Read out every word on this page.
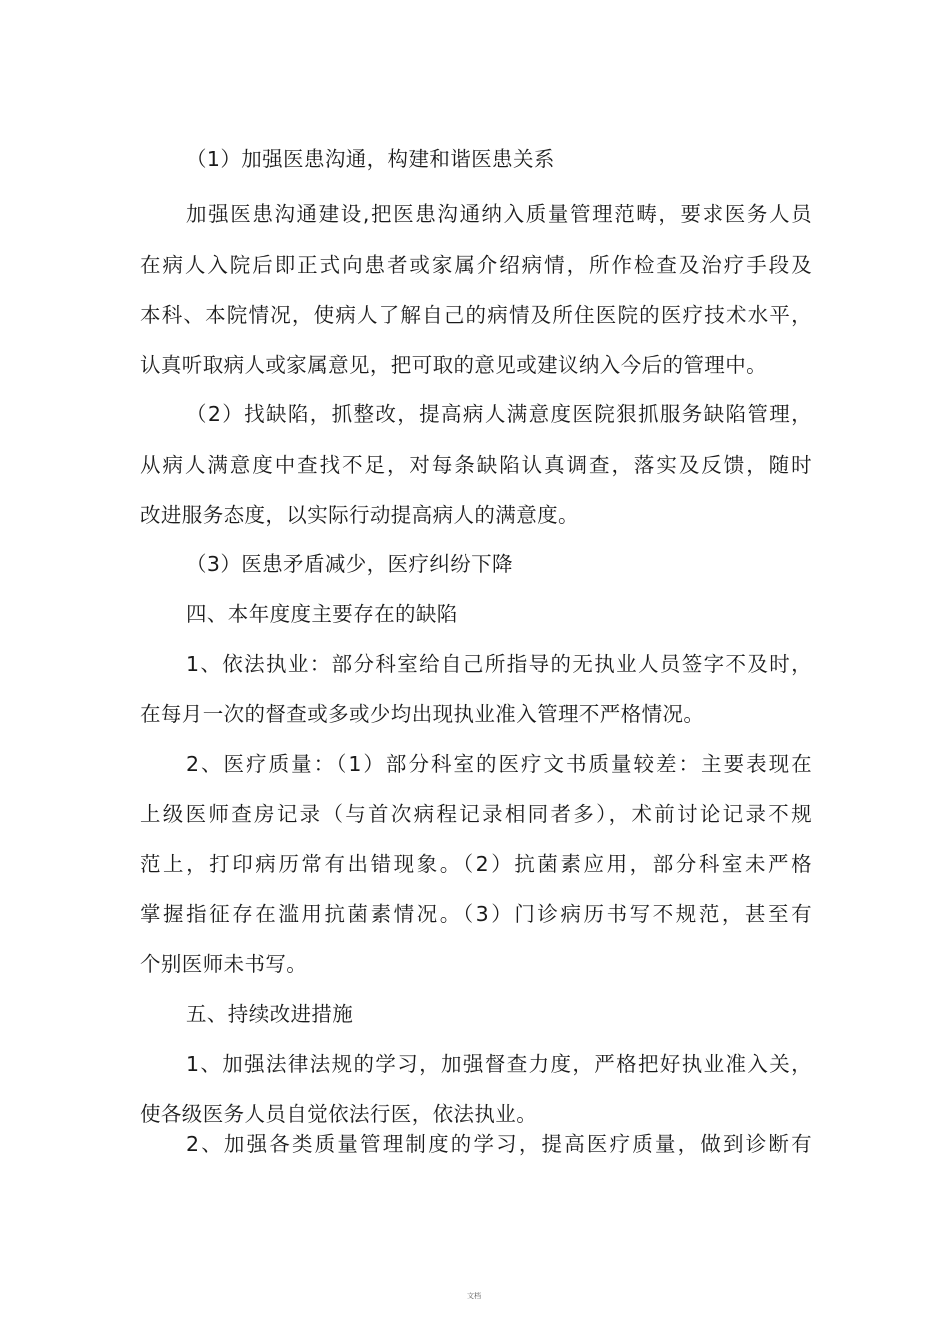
（1）加强医患沟通，构建和谐医患关系

加强医患沟通建设,把医患沟通纳入质量管理范畴，要求医务人员

在病人入院后即正式向患者或家属介绍病情，所作检查及治疗手段及

本科、本院情况，使病人了解自己的病情及所住医院的医疗技术水平，

认真听取病人或家属意见，把可取的意见或建议纳入今后的管理中。

（2）找缺陷，抓整改，提高病人满意度医院狠抓服务缺陷管理，

从病人满意度中查找不足，对每条缺陷认真调查，落实及反馈，随时

改进服务态度，以实际行动提高病人的满意度。

（3）医患矛盾减少，医疗纠纷下降

四、本年度度主要存在的缺陷

1、依法执业：部分科室给自己所指导的无执业人员签字不及时，

在每月一次的督查或多或少均出现执业准入管理不严格情况。

2、医疗质量：（1）部分科室的医疗文书质量较差：主要表现在

上级医师查房记录（与首次病程记录相同者多），术前讨论记录不规

范上，打印病历常有出错现象。（2）抗菌素应用，部分科室未严格

掌握指征存在滥用抗菌素情况。（3）门诊病历书写不规范，甚至有

个别医师未书写。

五、持续改进措施

1、加强法律法规的学习，加强督查力度，严格把好执业准入关，

使各级医务人员自觉依法行医，依法执业。

2、加强各类质量管理制度的学习，提高医疗质量，做到诊断有

文档
